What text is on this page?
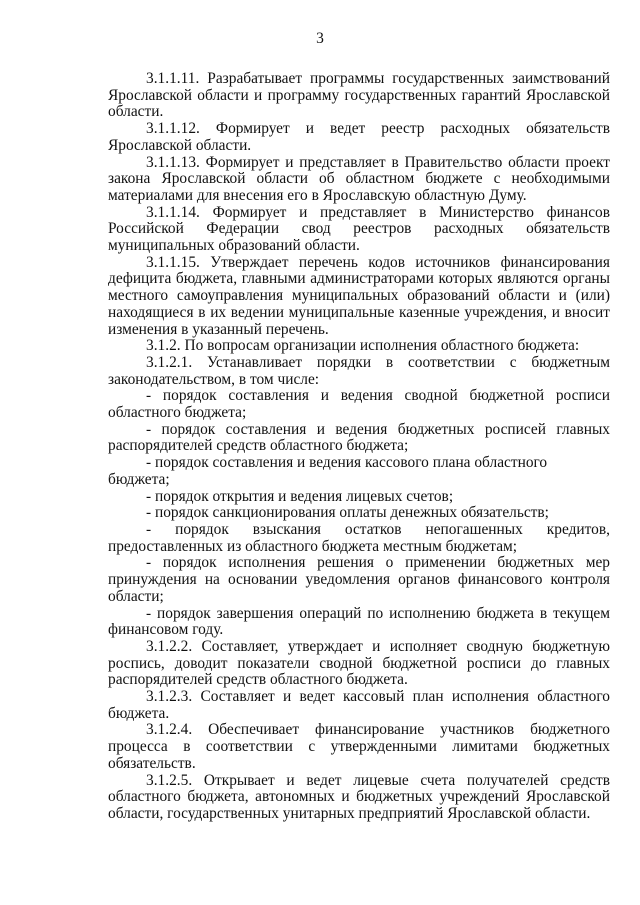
3

3.1.1.11. Разрабатывает программы государственных заимствований Ярославской области и программу государственных гарантий Ярославской области.

3.1.1.12. Формирует и ведет реестр расходных обязательств Ярославской области.

3.1.1.13. Формирует и представляет в Правительство области проект закона Ярославской области об областном бюджете с необходимыми материалами для внесения его в Ярославскую областную Думу.

3.1.1.14. Формирует и представляет в Министерство финансов Российской Федерации свод реестров расходных обязательств муниципальных образований области.

3.1.1.15. Утверждает перечень кодов источников финансирования дефицита бюджета, главными администраторами которых являются органы местного самоуправления муниципальных образований области и (или) находящиеся в их ведении муниципальные казенные учреждения, и вносит изменения в указанный перечень.

3.1.2. По вопросам организации исполнения областного бюджета:

3.1.2.1. Устанавливает порядки в соответствии с бюджетным законодательством, в том числе:

- порядок составления и ведения сводной бюджетной росписи областного бюджета;

- порядок составления и ведения бюджетных росписей главных распорядителей средств областного бюджета;

- порядок составления и ведения кассового плана областного бюджета;

- порядок открытия и ведения лицевых счетов;

- порядок санкционирования оплаты денежных обязательств;

- порядок взыскания остатков непогашенных кредитов, предоставленных из областного бюджета местным бюджетам;

- порядок исполнения решения о применении бюджетных мер принуждения на основании уведомления органов финансового контроля области;

- порядок завершения операций по исполнению бюджета в текущем финансовом году.

3.1.2.2. Составляет, утверждает и исполняет сводную бюджетную роспись, доводит показатели сводной бюджетной росписи до главных распорядителей средств областного бюджета.

3.1.2.3. Составляет и ведет кассовый план исполнения областного бюджета.

3.1.2.4. Обеспечивает финансирование участников бюджетного процесса в соответствии с утвержденными лимитами бюджетных обязательств.

3.1.2.5. Открывает и ведет лицевые счета получателей средств областного бюджета, автономных и бюджетных учреждений Ярославской области, государственных унитарных предприятий Ярославской области.
